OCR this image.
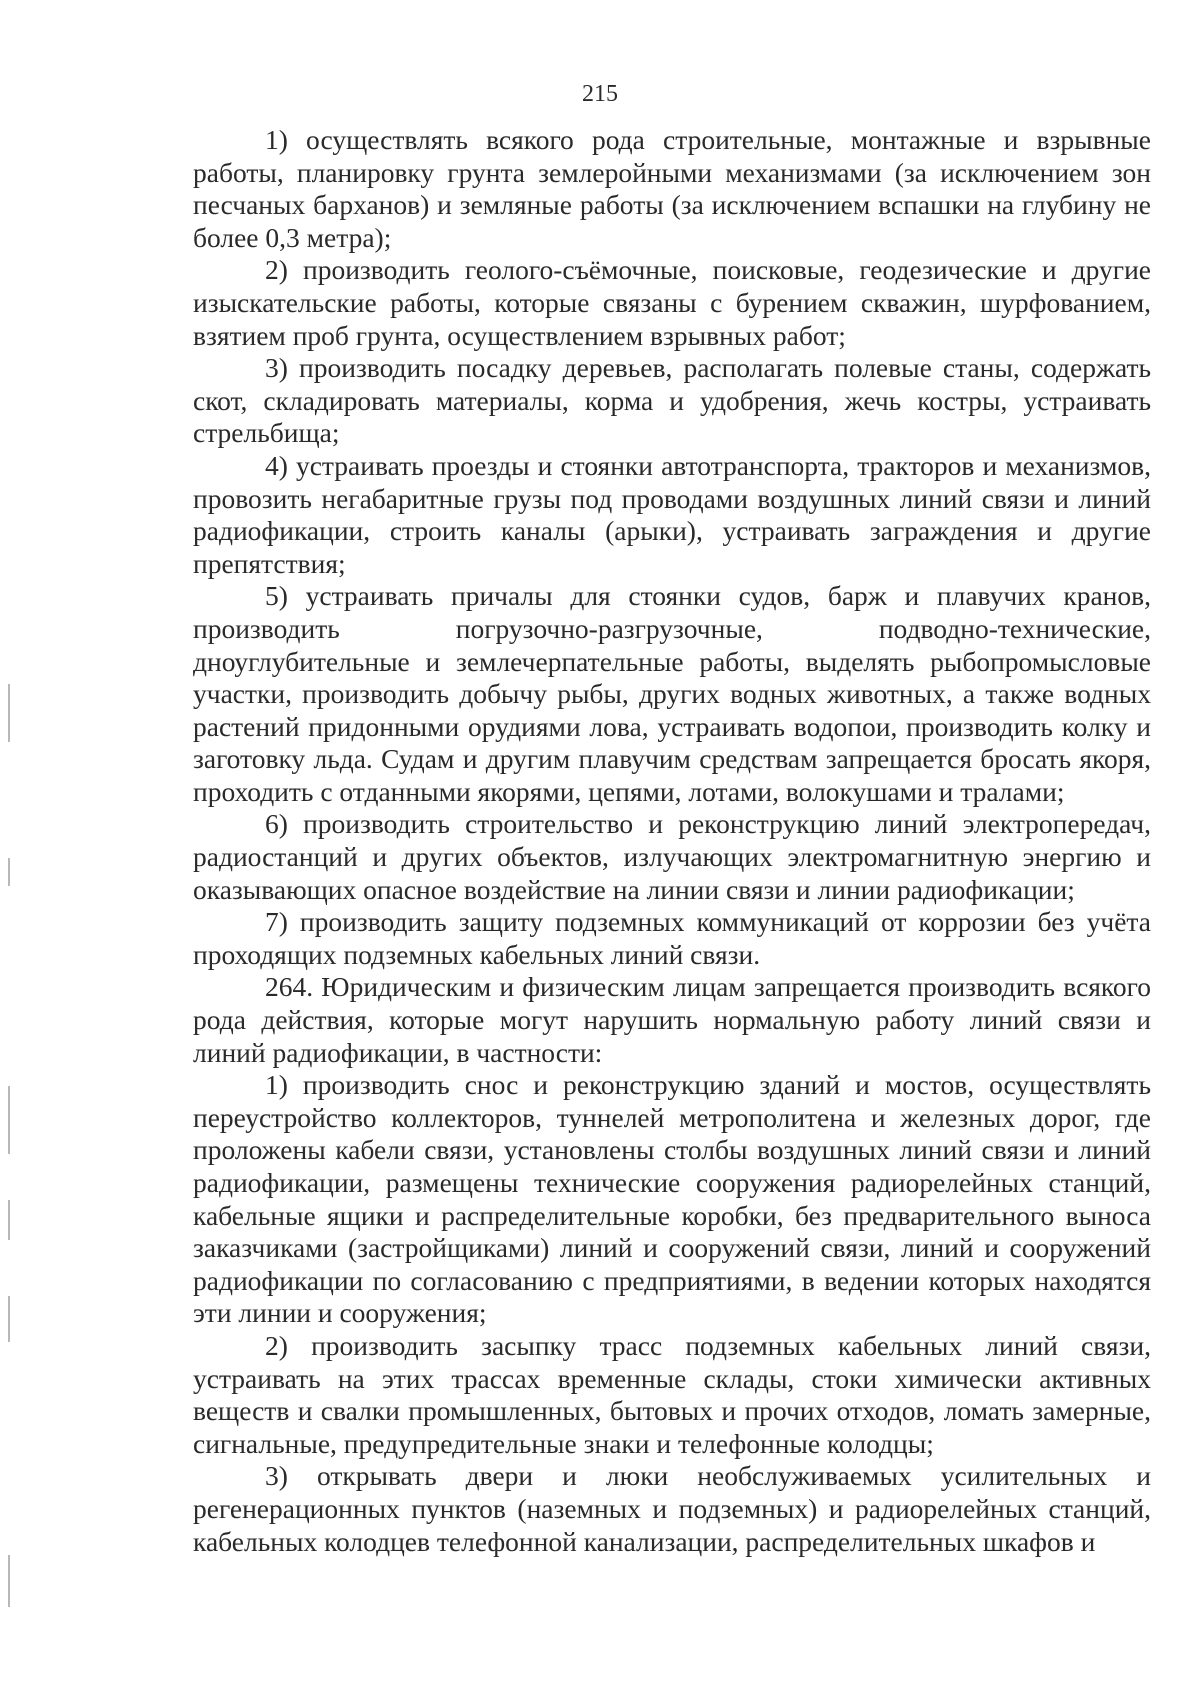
215

1) осуществлять всякого рода строительные, монтажные и взрывные работы, планировку грунта землеройными механизмами (за исключением зон песчаных барханов) и земляные работы (за исключением вспашки на глубину не более 0,3 метра);

2) производить геолого-съёмочные, поисковые, геодезические и другие изыскательские работы, которые связаны с бурением скважин, шурфованием, взятием проб грунта, осуществлением взрывных работ;

3) производить посадку деревьев, располагать полевые станы, содержать скот, складировать материалы, корма и удобрения, жечь костры, устраивать стрельбища;

4) устраивать проезды и стоянки автотранспорта, тракторов и механизмов, провозить негабаритные грузы под проводами воздушных линий связи и линий радиофикации, строить каналы (арыки), устраивать заграждения и другие препятствия;

5) устраивать причалы для стоянки судов, барж и плавучих кранов, производить погрузочно-разгрузочные, подводно-технические, дноуглубительные и землечерпательные работы, выделять рыбопромысловые участки, производить добычу рыбы, других водных животных, а также водных растений придонными орудиями лова, устраивать водопои, производить колку и заготовку льда. Судам и другим плавучим средствам запрещается бросать якоря, проходить с отданными якорями, цепями, лотами, волокушами и тралами;

6) производить строительство и реконструкцию линий электропередач, радиостанций и других объектов, излучающих электромагнитную энергию и оказывающих опасное воздействие на линии связи и линии радиофикации;

7) производить защиту подземных коммуникаций от коррозии без учёта проходящих подземных кабельных линий связи.

264. Юридическим и физическим лицам запрещается производить всякого рода действия, которые могут нарушить нормальную работу линий связи и линий радиофикации, в частности:

1) производить снос и реконструкцию зданий и мостов, осуществлять переустройство коллекторов, туннелей метрополитена и железных дорог, где проложены кабели связи, установлены столбы воздушных линий связи и линий радиофикации, размещены технические сооружения радиорелейных станций, кабельные ящики и распределительные коробки, без предварительного выноса заказчиками (застройщиками) линий и сооружений связи, линий и сооружений радиофикации по согласованию с предприятиями, в ведении которых находятся эти линии и сооружения;

2) производить засыпку трасс подземных кабельных линий связи, устраивать на этих трассах временные склады, стоки химически активных веществ и свалки промышленных, бытовых и прочих отходов, ломать замерные, сигнальные, предупредительные знаки и телефонные колодцы;

3) открывать двери и люки необслуживаемых усилительных и регенерационных пунктов (наземных и подземных) и радиорелейных станций, кабельных колодцев телефонной канализации, распределительных шкафов и
